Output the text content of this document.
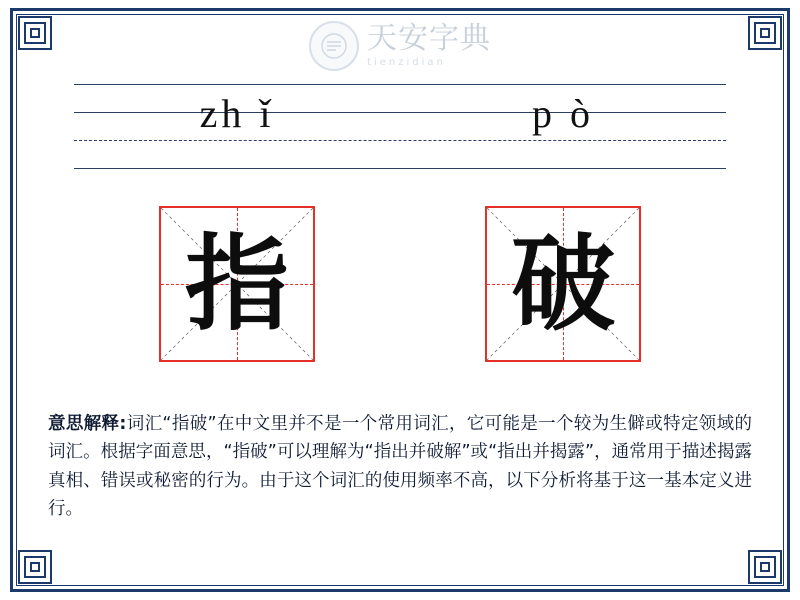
天安字典
tienzidian
zh ǐ	p ò
指 破
意思解释:词汇“指破”在中文里并不是一个常用词汇，它可能是一个较为生僻或特定领域的词汇。根据字面意思，“指破”可以理解为“指出并破解”或“指出并揭露”，通常用于描述揭露真相、错误或秘密的行为。由于这个词汇的使用频率不高，以下分析将基于这一基本定义进行。
